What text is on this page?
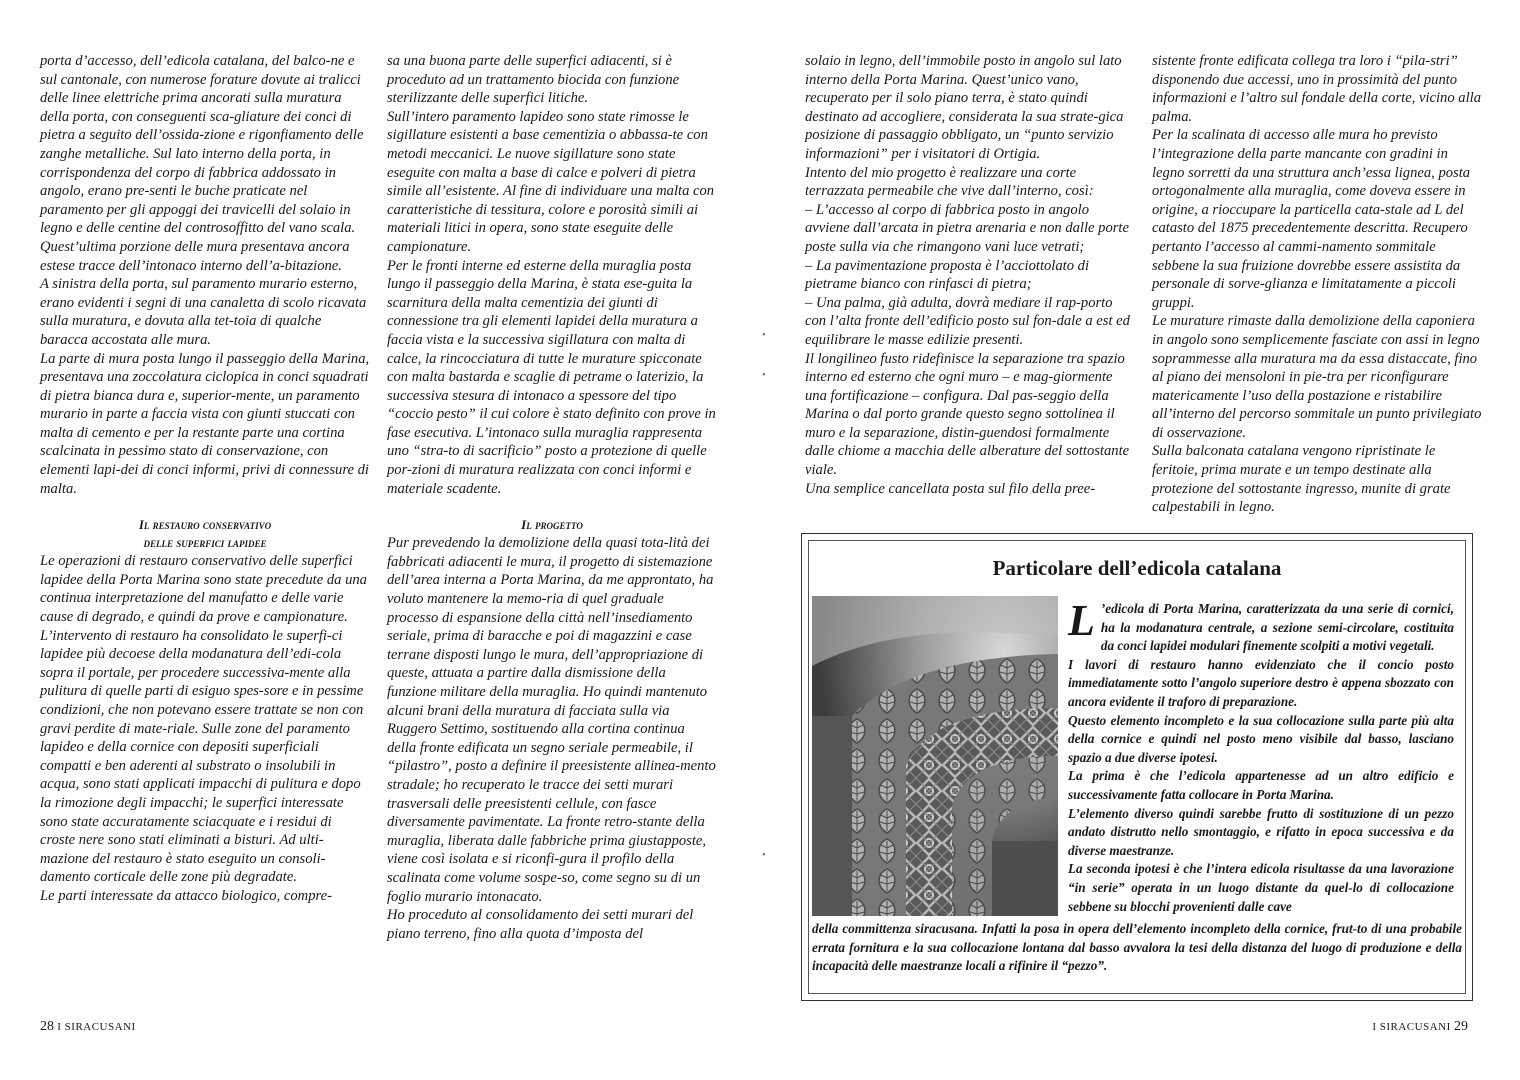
porta d’accesso, dell’edicola catalana, del balco-ne e sul cantonale, con numerose forature dovute ai tralicci delle linee elettriche prima ancorati sulla muratura della porta, con conseguenti sca-gliature dei conci di pietra a seguito dell’ossida-zione e rigonfiamento delle zanghe metalliche. Sul lato interno della porta, in corrispondenza del corpo di fabbrica addossato in angolo, erano pre-senti le buche praticate nel paramento per gli appoggi dei travicelli del solaio in legno e delle centine del controsoffitto del vano scala.

Quest’ultima porzione delle mura presentava ancora estese tracce dell’intonaco interno dell’a-bitazione.

A sinistra della porta, sul paramento murario esterno, erano evidenti i segni di una canaletta di scolo ricavata sulla muratura, e dovuta alla tet-toia di qualche baracca accostata alle mura.

La parte di mura posta lungo il passeggio della Marina, presentava una zoccolatura ciclopica in conci squadrati di pietra bianca dura e, superior-mente, un paramento murario in parte a faccia vista con giunti stuccati con malta di cemento e per la restante parte una cortina scalcinata in pessimo stato di conservazione, con elementi lapi-dei di conci informi, privi di connessure di malta.

Il restauro conservativo

delle superfici lapidee

Le operazioni di restauro conservativo delle superfici lapidee della Porta Marina sono state precedute da una continua interpretazione del manufatto e delle varie cause di degrado, e quindi da prove e campionature.

L’intervento di restauro ha consolidato le superfi-ci lapidee più decoese della modanatura dell’edi-cola sopra il portale, per procedere successiva-mente alla pulitura di quelle parti di esiguo spes-sore e in pessime condizioni, che non potevano essere trattate se non con gravi perdite di mate-riale. Sulle zone del paramento lapideo e della cornice con depositi superficiali compatti e ben aderenti al substrato o insolubili in acqua, sono stati applicati impacchi di pulitura e dopo la rimozione degli impacchi; le superfici interessate sono state accuratamente sciacquate e i residui di croste nere sono stati eliminati a bisturi. Ad ulti-mazione del restauro è stato eseguito un consoli-damento corticale delle zone più degradate.

Le parti interessate da attacco biologico, compre-

sa una buona parte delle superfici adiacenti, si è proceduto ad un trattamento biocida con funzione sterilizzante delle superfici litiche.

Sull’intero paramento lapideo sono state rimosse le sigillature esistenti a base cementizia o abbassa-te con metodi meccanici. Le nuove sigillature sono state eseguite con malta a base di calce e polveri di pietra simile all’esistente. Al fine di individuare una malta con caratteristiche di tessitura, colore e porosità simili ai materiali litici in opera, sono state eseguite delle campionature.

Per le fronti interne ed esterne della muraglia posta lungo il passeggio della Marina, è stata ese-guita la scarnitura della malta cementizia dei giunti di connessione tra gli elementi lapidei della muratura a faccia vista e la successiva sigillatura con malta di calce, la rincocciatura di tutte le murature spicconate con malta bastarda e scaglie di petrame o laterizio, la successiva stesura di intonaco a spessore del tipo “coccio pesto” il cui colore è stato definito con prove in fase esecutiva. L’intonaco sulla muraglia rappresenta uno “stra-to di sacrificio” posto a protezione di quelle por-zioni di muratura realizzata con conci informi e materiale scadente.

Il progetto

Pur prevedendo la demolizione della quasi tota-lità dei fabbricati adiacenti le mura, il progetto di sistemazione dell’area interna a Porta Marina, da me approntato, ha voluto mantenere la memo-ria di quel graduale processo di espansione della città nell’insediamento seriale, prima di baracche e poi di magazzini e case terrane disposti lungo le mura, dell’appropriazione di queste, attuata a partire dalla dismissione della funzione militare della muraglia. Ho quindi mantenuto alcuni brani della muratura di facciata sulla via Ruggero Settimo, sostituendo alla cortina continua della fronte edificata un segno seriale permeabile, il “pilastro”, posto a definire il preesistente allinea-mento stradale; ho recuperato le tracce dei setti murari trasversali delle preesistenti cellule, con fasce diversamente pavimentate. La fronte retro-stante della muraglia, liberata dalle fabbriche prima giustapposte, viene così isolata e si riconfi-gura il profilo della scalinata come volume sospe-so, come segno su di un foglio murario intonacato.

Ho proceduto al consolidamento dei setti murari del piano terreno, fino alla quota d’imposta del

solaio in legno, dell’immobile posto in angolo sul lato interno della Porta Marina. Quest’unico vano, recuperato per il solo piano terra, è stato quindi destinato ad accogliere, considerata la sua strate-gica posizione di passaggio obbligato, un “punto servizio informazioni” per i visitatori di Ortigia.

Intento del mio progetto è realizzare una corte terrazzata permeabile che vive dall’interno, così:

– L’accesso al corpo di fabbrica posto in angolo avviene dall’arcata in pietra arenaria e non dalle porte poste sulla via che rimangono vani luce vetrati;

– La pavimentazione proposta è l’acciottolato di pietrame bianco con rinfasci di pietra;

– Una palma, già adulta, dovrà mediare il rap-porto con l’alta fronte dell’edificio posto sul fon-dale a est ed equilibrare le masse edilizie presenti.

Il longilineo fusto ridefinisce la separazione tra spazio interno ed esterno che ogni muro – e mag-giormente una fortificazione – configura. Dal pas-seggio della Marina o dal porto grande questo segno sottolinea il muro e la separazione, distin-guendosi formalmente dalle chiome a macchia delle alberature del sottostante viale.

Una semplice cancellata posta sul filo della pree-

sistente fronte edificata collega tra loro i “pila-stri” disponendo due accessi, uno in prossimità del punto informazioni e l’altro sul fondale della corte, vicino alla palma.

Per la scalinata di accesso alle mura ho previsto l’integrazione della parte mancante con gradini in legno sorretti da una struttura anch’essa lignea, posta ortogonalmente alla muraglia, come doveva essere in origine, a rioccupare la particella cata-stale ad L del catasto del 1875 precedentemente descritta. Recupero pertanto l’accesso al cammi-namento sommitale sebbene la sua fruizione dovrebbe essere assistita da personale di sorve-glianza e limitatamente a piccoli gruppi.

Le murature rimaste dalla demolizione della caponiera in angolo sono semplicemente fasciate con assi in legno soprammesse alla muratura ma da essa distaccate, fino al piano dei mensoloni in pie-tra per riconfigurare matericamente l’uso della postazione e ristabilire all’interno del percorso sommitale un punto privilegiato di osservazione.

Sulla balconata catalana vengono ripristinate le feritoie, prima murate e un tempo destinate alla protezione del sottostante ingresso, munite di grate calpestabili in legno.

Particolare dell’edicola catalana

L ’edicola di Porta Marina, caratterizzata da una serie di cornici, ha la modanatura centrale, a sezione semi-circolare, costituita da conci lapidei modulari finemente scolpiti a motivi vegetali.

I lavori di restauro hanno evidenziato che il concio posto immediatamente sotto l’angolo superiore destro è appena sbozzato con ancora evidente il traforo di preparazione.

Questo elemento incompleto e la sua collocazione sulla parte più alta della cornice e quindi nel posto meno visibile dal basso, lasciano spazio a due diverse ipotesi.

La prima è che l’edicola appartenesse ad un altro edificio e successivamente fatta collocare in Porta Marina.

L’elemento diverso quindi sarebbe frutto di sostituzione di un pezzo andato distrutto nello smontaggio, e rifatto in epoca successiva e da diverse maestranze.

La seconda ipotesi è che l’intera edicola risultasse da una lavorazione “in serie” operata in un luogo distante da quel-lo di collocazione sebbene su blocchi provenienti dalle cave

della committenza siracusana. Infatti la posa in opera dell’elemento incompleto della cornice, frut-to di una probabile errata fornitura e la sua collocazione lontana dal basso avvalora la tesi della distanza del luogo di produzione e della incapacità delle maestranze locali a rifinire il “pezzo”.

28 I SIRACUSANI	I SIRACUSANI 29
•
•
•
